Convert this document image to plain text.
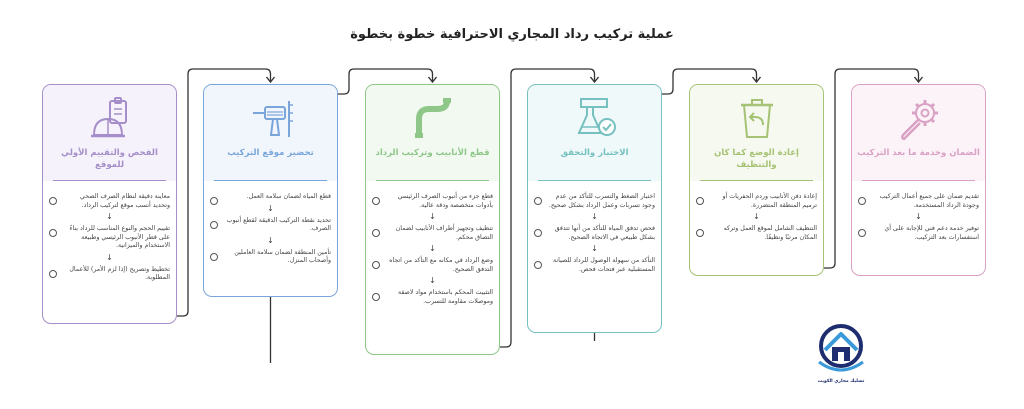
عملية تركيب رداد المجاري الاحترافية خطوة بخطوة
الفحص والتقييم الأولي للموقع
معاينة دقيقة لنظام الصرف الصحي وتحديد أنسب موقع لتركيب الرداد.
↓
تقييم الحجم والنوع المناسب للرداد بناءً على قطر الأنبوب الرئيسي وطبيعة الاستخدام والميزانية.
↓
تخطيط وتصريح (إذا لزم الأمر) للأعمال المطلوبة.
تحضير موقع التركيب
قطع المياه لضمان سلامة العمل.
↓
تحديد نقطة التركيب الدقيقة لقطع أنبوب الصرف.
↓
تأمين المنطقة لضمان سلامة العاملين وأصحاب المنزل.
قطع الأنابيب وتركيب الرداد
قطع جزء من أنبوب الصرف الرئيسي بأدوات متخصصة ودقة عالية.
↓
تنظيف وتجهيز أطراف الأنابيب لضمان التصاق محكم.
↓
وضع الرداد في مكانه مع التأكد من اتجاه التدفق الصحيح.
↓
التثبيت المحكم باستخدام مواد لاصقة وموصلات مقاومة للتسرب.
الاختبار والتحقق
اختبار الضغط والتسرب للتأكد من عدم وجود تسربات وعمل الرداد بشكل صحيح.
↓
فحص تدفق المياه للتأكد من أنها تتدفق بشكل طبيعي في الاتجاه الصحيح.
↓
التأكد من سهولة الوصول للرداد للصيانة المستقبلية عبر فتحات فحص.
إعادة الوضع كما كان والتنظيف
إعادة دفن الأنابيب وردم الحفريات أو ترميم المنطقة المتضررة.
↓
التنظيف الشامل لموقع العمل وتركه المكان مرتبًا ونظيفًا.
الضمان وخدمة ما بعد التركيب
تقديم ضمان على جميع أعمال التركيب وجودة الرداد المستخدمة.
↓
توفير خدمة دعم فني للإجابة على أي استفسارات بعد التركيب.
تسليك مجاري الكويت
